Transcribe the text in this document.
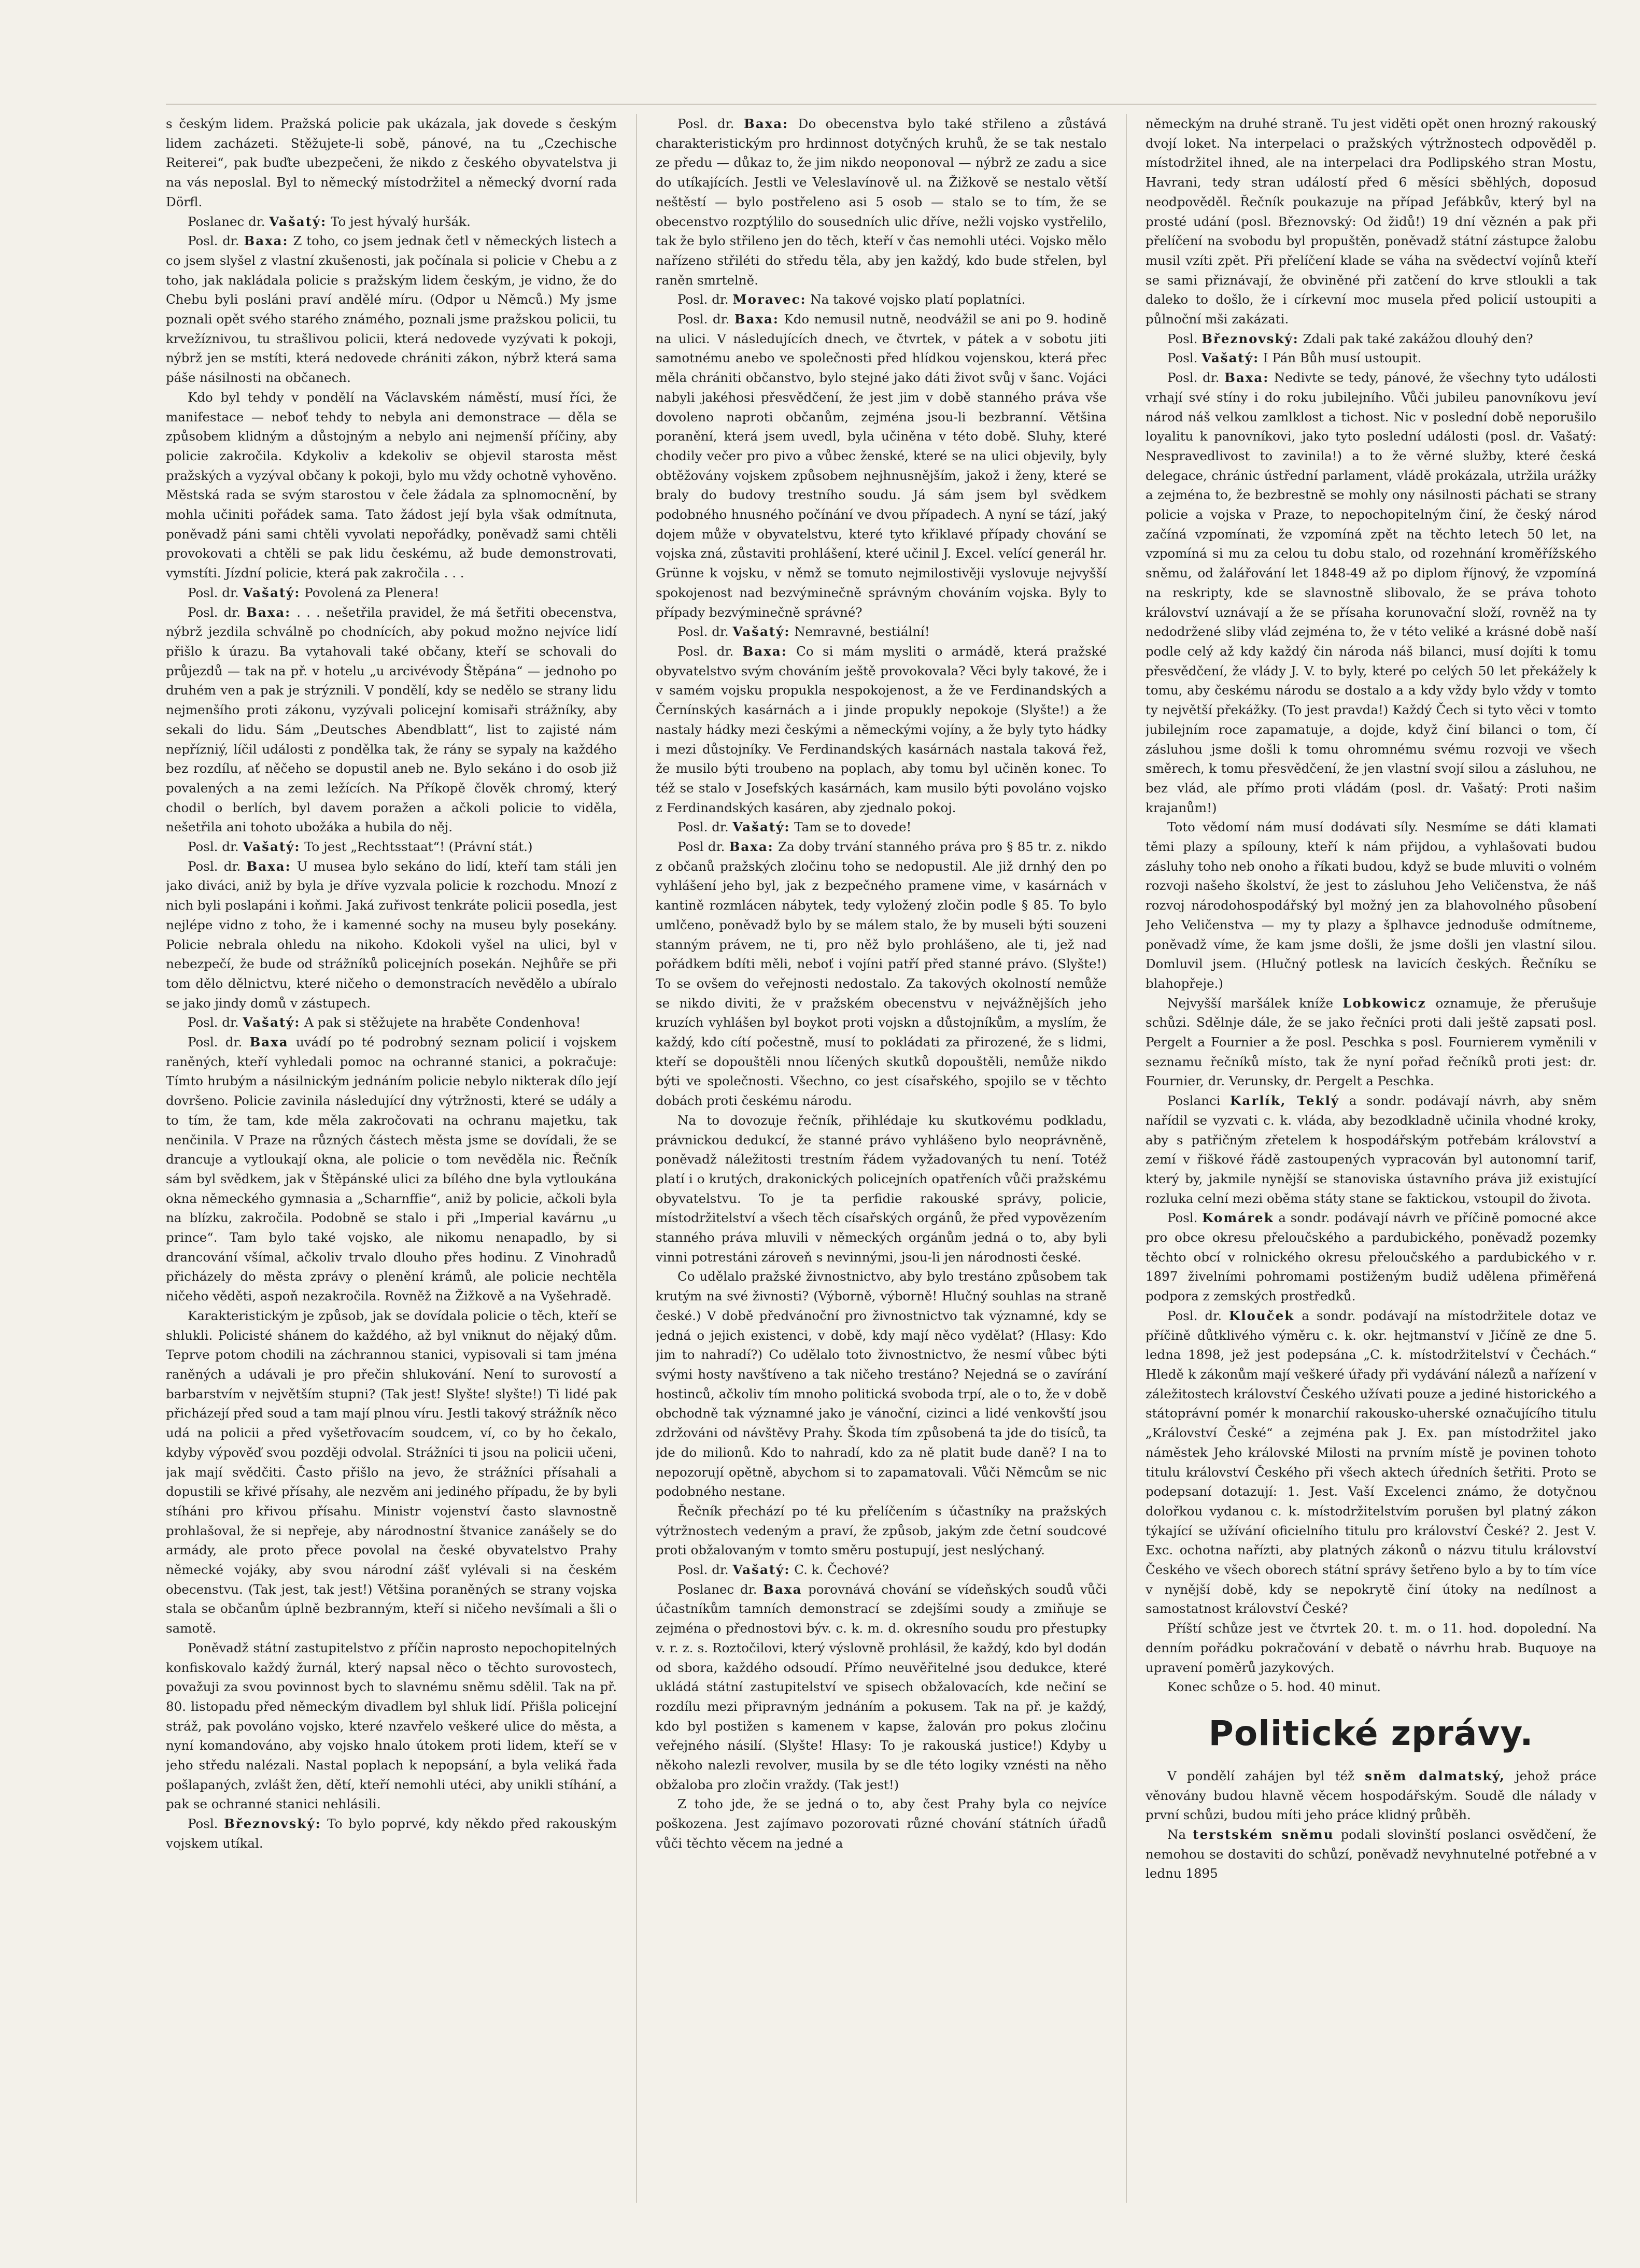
s českým lidem. Pražská policie pak ukázala, jak dovede s českým lidem zacházeti. Stěžujete-li sobě, pánové, na tu „Czechische Reiterei“, pak buďte ubezpečeni, že nikdo z českého obyvatelstva ji na vás neposlal. Byl to německý místodržitel a německý dvorní rada Dörfl.

Poslanec dr. Vašatý: To jest hývalý huršák.

Posl. dr. Baxa: Z toho, co jsem jednak četl v německých listech a co jsem slyšel z vlastní zkušenosti, jak počínala si policie v Chebu a z toho, jak nakládala policie s pražským lidem českým, je vidno, že do Chebu byli posláni praví andělé míru. (Odpor u Němců.) My jsme poznali opět svého starého známého, poznali jsme pražskou policii, tu krvežíznivou, tu strašlivou policii, která nedovede vyzývati k pokoji, nýbrž jen se mstíti, která nedovede chrániti zákon, nýbrž která sama páše násilnosti na občanech.

Kdo byl tehdy v pondělí na Václavském náměstí, musí říci, že manifestace — neboť tehdy to nebyla ani demonstrace — děla se způsobem klidným a důstojným a nebylo ani nejmenší příčiny, aby policie zakročila. Kdykoliv a kdekoliv se objevil starosta měst pražských a vyzýval občany k pokoji, bylo mu vždy ochotně vyhověno. Městská rada se svým starostou v čele žádala za splnomocnění, by mohla učiniti pořádek sama. Tato žádost její byla však odmítnuta, poněvadž páni sami chtěli vyvolati nepořádky, poněvadž sami chtěli provokovati a chtěli se pak lidu českému, až bude demonstrovati, vymstíti. Jízdní policie, která pak zakročila . . .

Posl. dr. Vašatý: Povolená za Plenera!

Posl. dr. Baxa: . . . nešetřila pravidel, že má šetřiti obecenstva, nýbrž jezdila schválně po chodnících, aby pokud možno nejvíce lidí přišlo k úrazu. Ba vytahovali také občany, kteří se schovali do průjezdů — tak na př. v hotelu „u arcivévody Štěpána“ — jednoho po druhém ven a pak je strýznili. V pondělí, kdy se nedělo se strany lidu nejmenšího proti zákonu, vyzývali policejní komisaři strážníky, aby sekali do lidu. Sám „Deutsches Abendblatt“, list to zajisté nám nepřízniý, líčil události z pondělka tak, že rány se sypaly na každého bez rozdílu, ať něčeho se dopustil aneb ne. Bylo sekáno i do osob již povalených a na zemi ležících. Na Příkopě člověk chromý, který chodil o berlích, byl davem poražen a ačkoli policie to viděla, nešetřila ani tohoto ubožáka a hubila do něj.

Posl. dr. Vašatý: To jest „Rechtsstaat“! (Právní stát.)

Posl. dr. Baxa: U musea bylo sekáno do lidí, kteří tam stáli jen jako diváci, aniž by byla je dříve vyzvala policie k rozchodu. Mnozí z nich byli poslapáni i koňmi. Jaká zuřivost tenkráte policii posedla, jest nejlépe vidno z toho, že i kamenné sochy na museu byly posekány. Policie nebrala ohledu na nikoho. Kdokoli vyšel na ulici, byl v nebezpečí, že bude od strážníků policejních posekán. Nejhůře se při tom dělo dělnictvu, které ničeho o demonstracích nevědělo a ubíralo se jako jindy domů v zástupech.

Posl. dr. Vašatý: A pak si stěžujete na hraběte Condenhova!

Posl. dr. Baxa uvádí po té podrobný seznam policií i vojskem raněných, kteří vyhledali pomoc na ochranné stanici, a pokračuje: Tímto hrubým a násilnickým jednáním policie nebylo nikterak dílo její dovršeno. Policie zavinila následující dny výtržnosti, které se udály a to tím, že tam, kde měla zakročovati na ochranu majetku, tak nenčinila. V Praze na různých částech města jsme se dovídali, že se drancuje a vytloukají okna, ale policie o tom nevěděla nic. Řečník sám byl svědkem, jak v Štěpánské ulici za bílého dne byla vytloukána okna německého gymnasia a „Scharnffie“, aniž by policie, ačkoli byla na blízku, zakročila. Podobně se stalo i při „Imperial kavárnu „u prince“. Tam bylo také vojsko, ale nikomu nenapadlo, by si drancování všímal, ačkoliv trvalo dlouho přes hodinu. Z Vinohradů přicházely do města zprávy o plenění krámů, ale policie nechtěla ničeho věděti, aspoň nezakročila. Rovněž na Žižkově a na Vyšehradě.

Karakteristickým je způsob, jak se dovídala policie o těch, kteří se shlukli. Policisté shánem do každého, až byl vniknut do nějaký dům. Teprve potom chodili na záchrannou stanici, vypisovali si tam jména raněných a udávali je pro přečin shlukování. Není to surovostí a barbarstvím v největším stupni? (Tak jest! Slyšte! slyšte!) Ti lidé pak přicházejí před soud a tam mají plnou víru. Jestli takový strážník něco udá na policii a před vyšetřovacím soudcem, ví, co by ho čekalo, kdyby výpověď svou později odvolal. Strážníci ti jsou na policii učeni, jak mají svědčiti. Často přišlo na jevo, že strážníci přísahali a dopustili se křivé přísahy, ale nezvěm ani jediného případu, že by byli stíháni pro křivou přísahu. Ministr vojenství často slavnostně prohlašoval, že si nepřeje, aby národnostní štvanice zanášely se do armády, ale proto přece povolal na české obyvatelstvo Prahy německé vojáky, aby svou národní zášť vylévali si na českém obecenstvu. (Tak jest, tak jest!) Většina poraněných se strany vojska stala se občanům úplně bezbranným, kteří si ničeho nevšímali a šli o samotě.

Poněvadž státní zastupitelstvo z příčin naprosto nepochopitelných konfiskovalo každý žurnál, který napsal něco o těchto surovostech, považuji za svou povinnost bych to slavnému sněmu sdělil. Tak na př. 80. listopadu před německým divadlem byl shluk lidí. Přišla policejní stráž, pak povoláno vojsko, které nzavřelo veškeré ulice do města, a nyní komandováno, aby vojsko hnalo útokem proti lidem, kteří se v jeho středu nalézali. Nastal poplach k nepopsání, a byla veliká řada pošlapaných, zvlášt žen, dětí, kteří nemohli utéci, aby unikli stíhání, a pak se ochranné stanici nehlásili.

Posl. Březnovský: To bylo poprvé, kdy někdo před rakouským vojskem utíkal.

Posl. dr. Baxa: Do obecenstva bylo také střileno a zůstává charakteristickým pro hrdinnost dotyčných kruhů, že se tak nestalo ze předu — důkaz to, že jim nikdo neoponoval — nýbrž ze zadu a sice do utíkajících. Jestli ve Veleslavínově ul. na Žižkově se nestalo větší neštěstí — bylo postřeleno asi 5 osob — stalo se to tím, že se obecenstvo rozptýlilo do sousedních ulic dříve, nežli vojsko vystřelilo, tak že bylo střileno jen do těch, kteří v čas nemohli utéci. Vojsko mělo nařízeno střiléti do středu těla, aby jen každý, kdo bude střelen, byl raněn smrtelně.

Posl. dr. Moravec: Na takové vojsko platí poplatníci.

Posl. dr. Baxa: Kdo nemusil nutně, neodvážil se ani po 9. hodině na ulici. V následujících dnech, ve čtvrtek, v pátek a v sobotu jiti samotnému anebo ve společnosti před hlídkou vojenskou, která přec měla chrániti občanstvo, bylo stejné jako dáti život svůj v šanc. Vojáci nabyli jakéhosi přesvědčení, že jest jim v době stanného práva vše dovoleno naproti občanům, zejména jsou-li bezbranní. Většina poranění, která jsem uvedl, byla učiněna v této době. Sluhy, které chodily večer pro pivo a vůbec ženské, které se na ulici objevily, byly obtěžovány vojskem způsobem nejhnusnějším, jakož i ženy, které se braly do budovy trestního soudu. Já sám jsem byl svědkem podobného hnusného počínání ve dvou případech. A nyní se tází, jaký dojem může v obyvatelstvu, které tyto křiklavé případy chování se vojska zná, zůstaviti prohlášení, které učinil J. Excel. velící generál hr. Grünne k vojsku, v němž se tomuto nejmilostivěji vyslovuje nejvyšší spokojenost nad bezvýminečně správným chováním vojska. Byly to případy bezvýminečně správné?

Posl. dr. Vašatý: Nemravné, bestiální!

Posl. dr. Baxa: Co si mám mysliti o armádě, která pražské obyvatelstvo svým chováním ještě provokovala? Věci byly takové, že i v samém vojsku propukla nespokojenost, a že ve Ferdinandských a Černínských kasárnách a i jinde propukly nepokoje (Slyšte!) a že nastaly hádky mezi českými a německými vojíny, a že byly tyto hádky i mezi důstojníky. Ve Ferdinandských kasárnách nastala taková řež, že musilo býti troubeno na poplach, aby tomu byl učiněn konec. To též se stalo v Josefských kasárnách, kam musilo býti povoláno vojsko z Ferdinandských kasáren, aby zjednalo pokoj.

Posl. dr. Vašatý: Tam se to dovede!

Posl dr. Baxa: Za doby trvání stanného práva pro § 85 tr. z. nikdo z občanů pražských zločinu toho se nedopustil. Ale již drnhý den po vyhlášení jeho byl, jak z bezpečného pramene vime, v kasárnách v kantině rozmlácen nábytek, tedy vyložený zločin podle § 85. To bylo umlčeno, poněvadž bylo by se málem stalo, že by museli býti souzeni stanným právem, ne ti, pro něž bylo prohlášeno, ale ti, jež nad pořádkem bdíti měli, neboť i vojíni patří před stanné právo. (Slyšte!) To se ovšem do veřejnosti nedostalo. Za takových okolností nemůže se nikdo diviti, že v pražském obecenstvu v nejvážnějších jeho kruzích vyhlášen byl boykot proti vojskn a důstojníkům, a myslím, že každý, kdo cítí počestně, musí to pokládati za přirozené, že s lidmi, kteří se dopouštěli nnou líčených skutků dopouštěli, nemůže nikdo býti ve společnosti. Všechno, co jest císařského, spojilo se v těchto dobách proti českému národu.

Na to dovozuje řečník, přihlédaje ku skutkovému podkladu, právnickou dedukcí, že stanné právo vyhlášeno bylo neoprávněně, poněvadž náležitosti trestním řádem vyžadovaných tu není. Totéž platí i o krutých, drakonických policejních opatřeních vůči pražskému obyvatelstvu. To je ta perfidie rakouské správy, policie, místodržitelství a všech těch císařských orgánů, že před vypovězením stanného práva mluvili v německých orgánům jedná o to, aby byli vinni potrestáni zároveň s nevinnými, jsou-li jen národnosti české.

Co udělalo pražské živnostnictvo, aby bylo trestáno způsobem tak krutým na své živnosti? (Výborně, výborně! Hlučný souhlas na straně české.) V době předvánoční pro živnostnictvo tak významné, kdy se jedná o jejich existenci, v době, kdy mají něco vydělat? (Hlasy: Kdo jim to nahradí?) Co udělalo toto živnostnictvo, že nesmí vůbec býti svými hosty navštíveno a tak ničeho trestáno? Nejedná se o zavírání hostinců, ačkoliv tím mnoho politická svoboda trpí, ale o to, že v době obchodně tak významné jako je vánoční, cizinci a lidé venkovští jsou zdržováni od návštěvy Prahy. Škoda tím způsobená ta jde do tisíců, ta jde do milionů. Kdo to nahradí, kdo za ně platit bude daně? I na to nepozorují opětně, abychom si to zapamatovali. Vůči Němcům se nic podobného nestane.

Řečník přechází po té ku přelíčením s účastníky na pražských výtržnostech vedeným a praví, že způsob, jakým zde četní soudcové proti obžalovaným v tomto směru postupují, jest neslýchaný.

Posl. dr. Vašatý: C. k. Čechové?

Poslanec dr. Baxa porovnává chování se vídeňských soudů vůči účastníkům tamních demonstrací se zdejšími soudy a zmiňuje se zejména o přednostovi býv. c. k. m. d. okresního soudu pro přestupky v. r. z. s. Roztočilovi, který výslovně prohlásil, že každý, kdo byl dodán od sbora, každého odsoudí. Přímo neuvěřitelné jsou dedukce, které ukládá státní zastupitelství ve spisech obžalovacích, kde nečiní se rozdílu mezi připravným jednáním a pokusem. Tak na př. je každý, kdo byl postižen s kamenem v kapse, žalován pro pokus zločinu veřejného násilí. (Slyšte! Hlasy: To je rakouská justice!) Kdyby u někoho nalezli revolver, musila by se dle této logiky vznésti na něho obžaloba pro zločin vraždy. (Tak jest!)

Z toho jde, že se jedná o to, aby čest Prahy byla co nejvíce poškozena. Jest zajímavo pozorovati různé chování státních úřadů vůči těchto věcem na jedné a

německým na druhé straně. Tu jest viděti opět onen hrozný rakouský dvojí loket. Na interpelaci o pražských výtržnostech odpověděl p. místodržitel ihned, ale na interpelaci dra Podlipského stran Mostu, Havrani, tedy stran událostí před 6 měsíci sběhlých, doposud neodpověděl. Řečník poukazuje na případ Jefábkův, který byl na prosté udání (posl. Březnovský: Od židů!) 19 dní věznén a pak při přelíčení na svobodu byl propuštěn, poněvadž státní zástupce žalobu musil vzíti zpět. Při přelíčení klade se váha na svědectví vojínů kteří se sami přiznávají, že obviněné při zatčení do krve stloukli a tak daleko to došlo, že i církevní moc musela před policií ustoupiti a půlnoční mši zakázati.

Posl. Březnovský: Zdali pak také zakážou dlouhý den?

Posl. Vašatý: I Pán Bůh musí ustoupit.

Posl. dr. Baxa: Nedivte se tedy, pánové, že všechny tyto události vrhají své stíny i do roku jubilejního. Vůči jubileu panovníkovu jeví národ náš velkou zamlklost a tichost. Nic v poslední době neporušilo loyalitu k panovníkovi, jako tyto poslední události (posl. dr. Vašatý: Nespravedlivost to zavinila!) a to že věrné služby, které česká delegace, chránic ústřední parlament, vládě prokázala, utržila urážky a zejména to, že bezbrestně se mohly ony násilnosti páchati se strany policie a vojska v Praze, to nepochopitelným činí, že český národ začíná vzpomínati, že vzpomíná zpět na těchto letech 50 let, na vzpomíná si mu za celou tu dobu stalo, od rozehnání kroměřížského sněmu, od žalářování let 1848-49 až po diplom říjnový, že vzpomíná na reskripty, kde se slavnostně slibovalo, že se práva tohoto království uznávají a že se přísaha korunovační složí, rovněž na ty nedodržené sliby vlád zejména to, že v této veliké a krásné době naší podle celý až kdy každý čin národa náš bilanci, musí dojíti k tomu přesvědčení, že vlády J. V. to byly, které po celých 50 let překážely k tomu, aby českému národu se dostalo a a kdy vždy bylo vždy v tomto ty největší překážky. (To jest pravda!) Každý Čech si tyto věci v tomto jubilejním roce zapamatuje, a dojde, když činí bilanci o tom, čí zásluhou jsme došli k tomu ohromnému svému rozvoji ve všech směrech, k tomu přesvědčení, že jen vlastní svojí silou a zásluhou, ne bez vlád, ale přímo proti vládám (posl. dr. Vašatý: Proti našim krajanům!)

Toto vědomí nám musí dodávati síly. Nesmíme se dáti klamati těmi plazy a spílouny, kteří k nám přijdou, a vyhlašovati budou zásluhy toho neb onoho a říkati budou, když se bude mluviti o volném rozvoji našeho školství, že jest to zásluhou Jeho Veličenstva, že náš rozvoj národohospodářský byl možný jen za blahovolného působení Jeho Veličenstva — my ty plazy a šplhavce jednoduše odmítneme, poněvadž víme, že kam jsme došli, že jsme došli jen vlastní silou. Domluvil jsem. (Hlučný potlesk na lavicích českých. Řečníku se blahopřeje.)

Nejvyšší maršálek kníže Lobkowicz oznamuje, že přerušuje schůzi. Sdělnje dále, že se jako řečníci proti dali ještě zapsati posl. Pergelt a Fournier a že posl. Peschka s posl. Fournierem vyměnili v seznamu řečníků místo, tak že nyní pořad řečníků proti jest: dr. Fournier, dr. Verunsky, dr. Pergelt a Peschka.

Poslanci Karlík, Teklý a sondr. podávají návrh, aby sněm nařídil se vyzvati c. k. vláda, aby bezodkladně učinila vhodné kroky, aby s patřičným zřetelem k hospodářským potřebám království a zemí v řiškové řádě zastoupených vypracován byl autonomní tarif, který by, jakmile nynější se stanoviska ústavního práva již existující rozluka celní mezi oběma státy stane se faktickou, vstoupil do života.

Posl. Komárek a sondr. podávají návrh ve příčině pomocné akce pro obce okresu přeloučského a pardubického, poněvadž pozemky těchto obcí v rolnického okresu přeloučského a pardubického v r. 1897 živelními pohromami postiženým budiž udělena přiměřená podpora z zemských prostředků.

Posl. dr. Klouček a sondr. podávají na místodržitele dotaz ve příčině důtklivého výměru c. k. okr. hejtmanství v Jičíně ze dne 5. ledna 1898, jež jest podepsána „C. k. místodržitelství v Čechách.“ Hledě k zákonům mají veškeré úřady při vydávání nálezů a nařízení v záležitostech království Českého užívati pouze a jediné historického a státoprávní pomér k monarchií rakousko-uherské označujícího titulu „Království České“ a zejména pak J. Ex. pan místodržitel jako náměstek Jeho královské Milosti na prvním místě je povinen tohoto titulu království Českého při všech aktech úředních šetřiti. Proto se podepsaní dotazují: 1. Jest. Vaší Excelenci známo, že dotyčnou dolořkou vydanou c. k. místodržitelstvím porušen byl platný zákon týkající se užívání oficielního titulu pro království České? 2. Jest V. Exc. ochotna nařízti, aby platných zákonů o názvu titulu království Českého ve všech oborech státní správy šetřeno bylo a by to tím více v nynější době, kdy se nepokrytě činí útoky na nedílnost a samostatnost království České?

Příští schůze jest ve čtvrtek 20. t. m. o 11. hod. dopolední. Na denním pořádku pokračování v debatě o návrhu hrab. Buquoye na upravení poměrů jazykových.

Konec schůze o 5. hod. 40 minut.

Politické zprávy.

V pondělí zahájen byl též sněm dalmatský, jehož práce věnovány budou hlavně věcem hospodářským. Soudě dle nálady v první schůzi, budou míti jeho práce klidný průběh.

Na terstském sněmu podali slovinští poslanci osvědčení, že nemohou se dostaviti do schůzí, poněvadž nevyhnutelné potřebné a v lednu 1895
